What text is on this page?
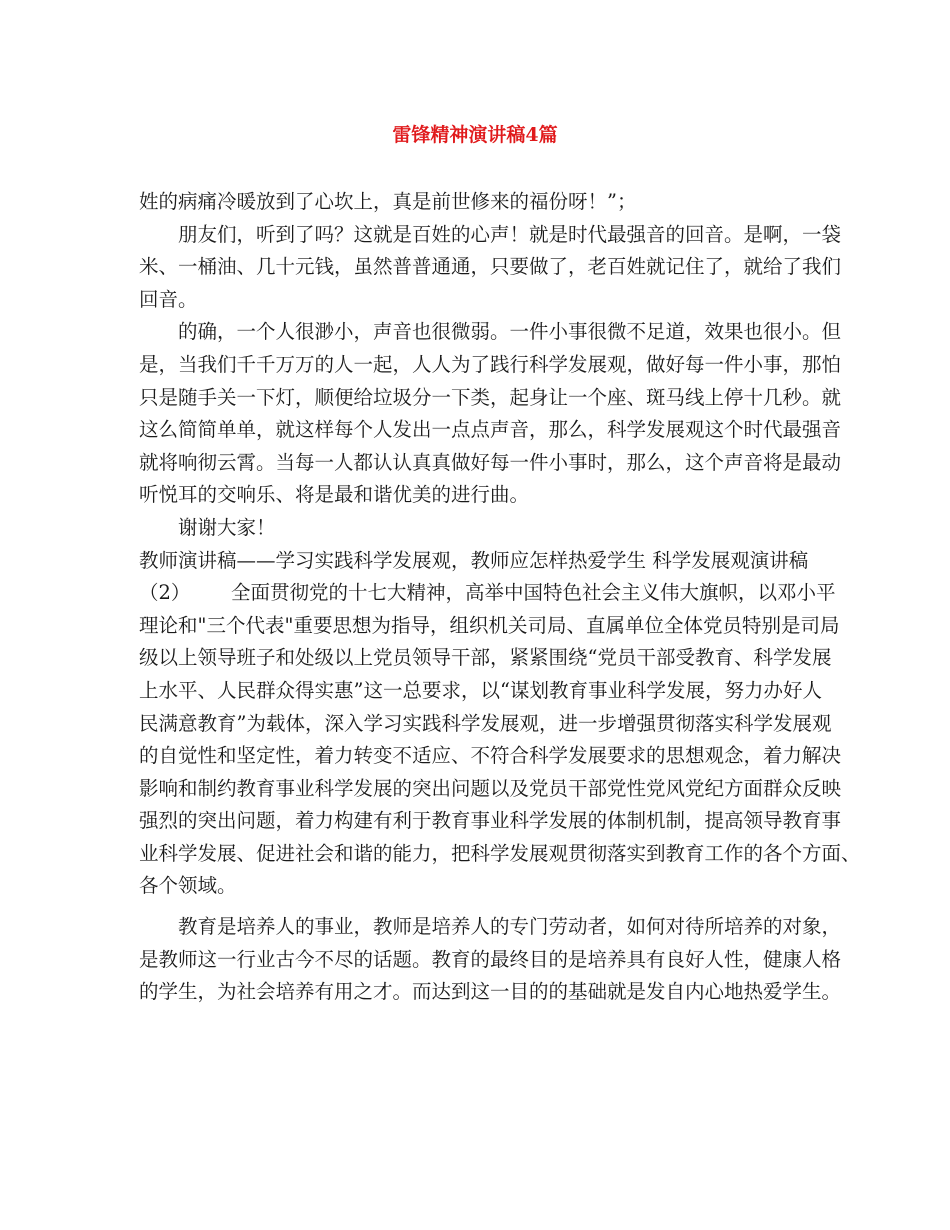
雷锋精神演讲稿4篇
姓的病痛冷暖放到了心坎上，真是前世修来的福份呀！”；
朋友们，听到了吗？这就是百姓的心声！就是时代最强音的回音。是啊，一袋
米、一桶油、几十元钱，虽然普普通通，只要做了，老百姓就记住了，就给了我们
回音。
的确，一个人很渺小，声音也很微弱。一件小事很微不足道，效果也很小。但
是，当我们千千万万的人一起，人人为了践行科学发展观，做好每一件小事，那怕
只是随手关一下灯，顺便给垃圾分一下类，起身让一个座、斑马线上停十几秒。就
这么简简单单，就这样每个人发出一点点声音，那么，科学发展观这个时代最强音
就将响彻云霄。当每一人都认认真真做好每一件小事时，那么，这个声音将是最动
听悦耳的交响乐、将是最和谐优美的进行曲。
谢谢大家！
教师演讲稿——学习实践科学发展观，教师应怎样热爱学生 科学发展观演讲稿
（2） 全面贯彻党的十七大精神，高举中国特色社会主义伟大旗帜，以邓小平
理论和"三个代表"重要思想为指导，组织机关司局、直属单位全体党员特别是司局
级以上领导班子和处级以上党员领导干部，紧紧围绕“党员干部受教育、科学发展
上水平、人民群众得实惠”这一总要求，以“谋划教育事业科学发展，努力办好人
民满意教育”为载体，深入学习实践科学发展观，进一步增强贯彻落实科学发展观
的自觉性和坚定性，着力转变不适应、不符合科学发展要求的思想观念，着力解决
影响和制约教育事业科学发展的突出问题以及党员干部党性党风党纪方面群众反映
强烈的突出问题，着力构建有利于教育事业科学发展的体制机制，提高领导教育事
业科学发展、促进社会和谐的能力，把科学发展观贯彻落实到教育工作的各个方面、
各个领域。
教育是培养人的事业，教师是培养人的专门劳动者，如何对待所培养的对象，
是教师这一行业古今不尽的话题。教育的最终目的是培养具有良好人性，健康人格
的学生，为社会培养有用之才。而达到这一目的的基础就是发自内心地热爱学生。
